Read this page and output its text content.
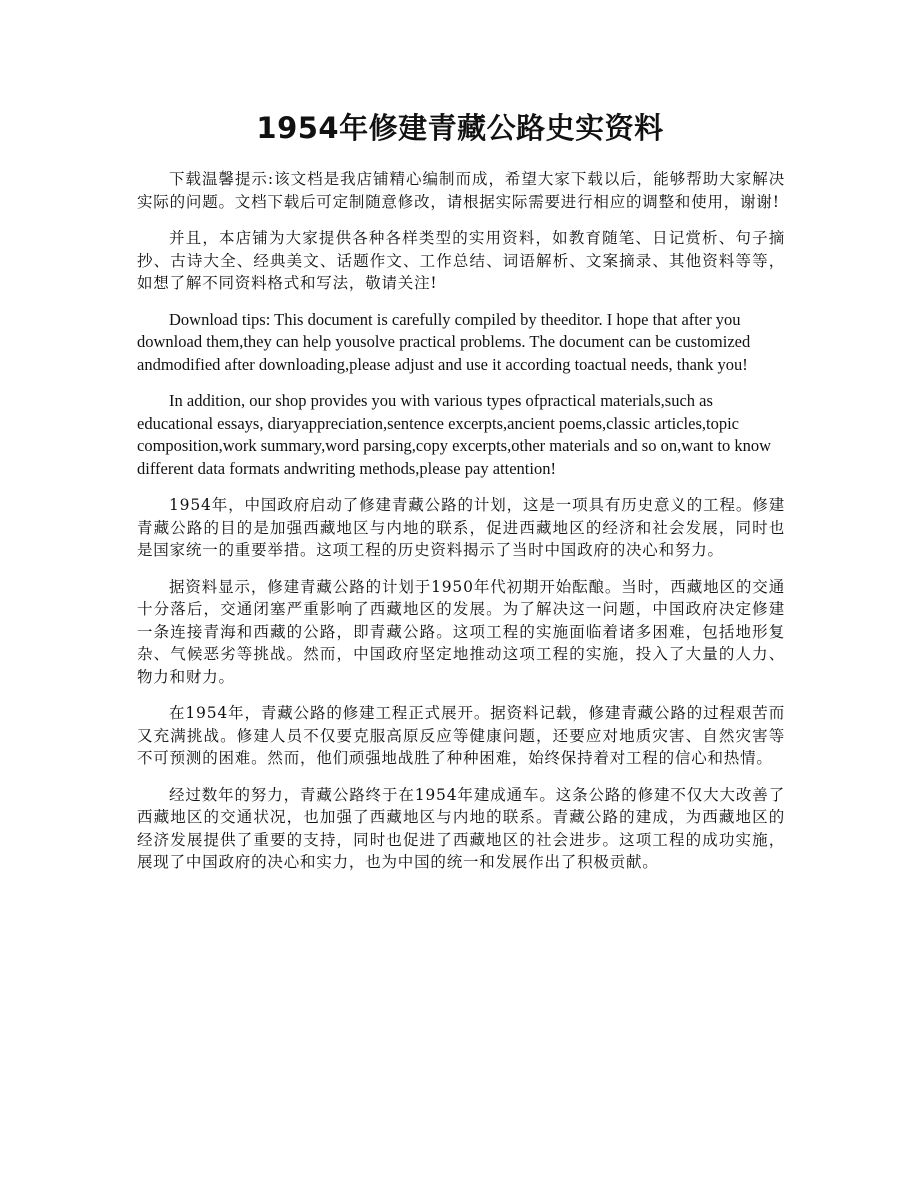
1954年修建青藏公路史实资料

下载温馨提示:该文档是我店铺精心编制而成，希望大家下载以后，能够帮助大家解决实际的问题。文档下载后可定制随意修改，请根据实际需要进行相应的调整和使用，谢谢!

并且，本店铺为大家提供各种各样类型的实用资料，如教育随笔、日记赏析、句子摘抄、古诗大全、经典美文、话题作文、工作总结、词语解析、文案摘录、其他资料等等，如想了解不同资料格式和写法，敬请关注!

Download tips: This document is carefully compiled by theeditor. I hope that after you download them,they can help yousolve practical problems. The document can be customized andmodified after downloading,please adjust and use it according toactual needs, thank you!

In addition, our shop provides you with various types ofpractical materials,such as educational essays, diaryappreciation,sentence excerpts,ancient poems,classic articles,topic composition,work summary,word parsing,copy excerpts,other materials and so on,want to know different data formats andwriting methods,please pay attention!

1954年，中国政府启动了修建青藏公路的计划，这是一项具有历史意义的工程。修建青藏公路的目的是加强西藏地区与内地的联系，促进西藏地区的经济和社会发展，同时也是国家统一的重要举措。这项工程的历史资料揭示了当时中国政府的决心和努力。

据资料显示，修建青藏公路的计划于1950年代初期开始酝酿。当时，西藏地区的交通十分落后，交通闭塞严重影响了西藏地区的发展。为了解决这一问题，中国政府决定修建一条连接青海和西藏的公路，即青藏公路。这项工程的实施面临着诸多困难，包括地形复杂、气候恶劣等挑战。然而，中国政府坚定地推动这项工程的实施，投入了大量的人力、物力和财力。

在1954年，青藏公路的修建工程正式展开。据资料记载，修建青藏公路的过程艰苦而又充满挑战。修建人员不仅要克服高原反应等健康问题，还要应对地质灾害、自然灾害等不可预测的困难。然而，他们顽强地战胜了种种困难，始终保持着对工程的信心和热情。

经过数年的努力，青藏公路终于在1954年建成通车。这条公路的修建不仅大大改善了西藏地区的交通状况，也加强了西藏地区与内地的联系。青藏公路的建成，为西藏地区的经济发展提供了重要的支持，同时也促进了西藏地区的社会进步。这项工程的成功实施，展现了中国政府的决心和实力，也为中国的统一和发展作出了积极贡献。
